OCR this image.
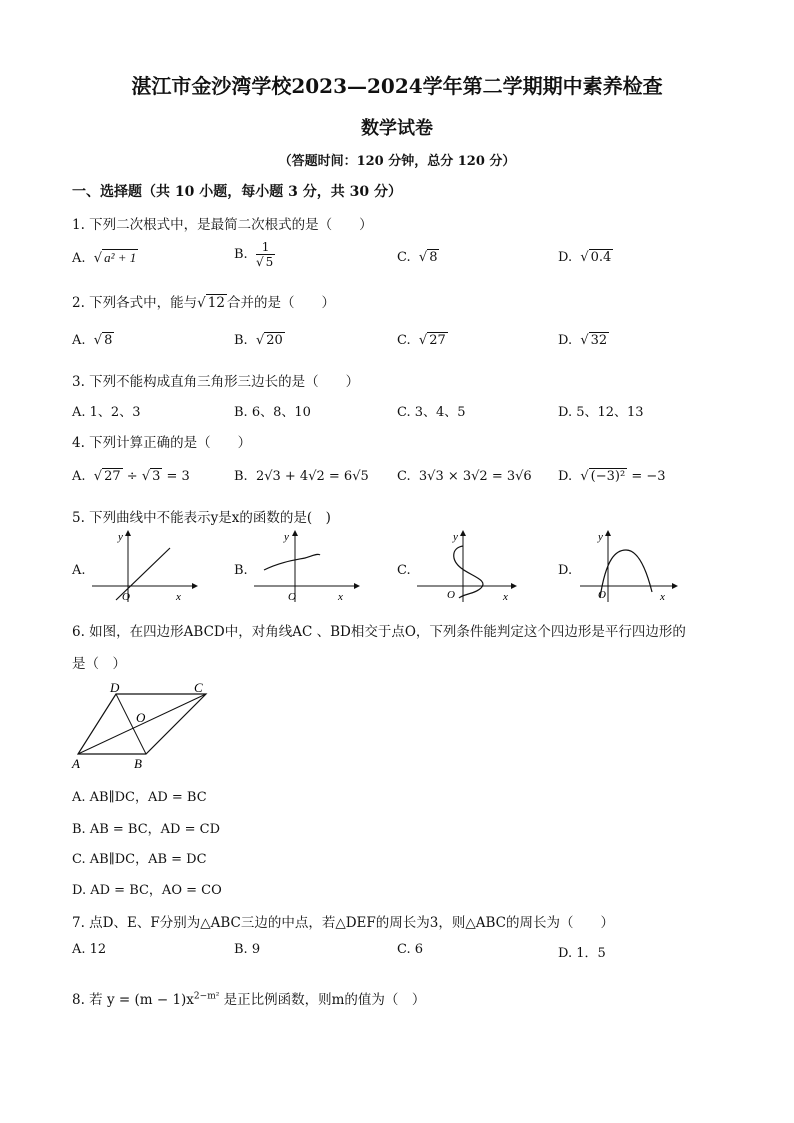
湛江市金沙湾学校2023—2024学年第二学期期中素养检查
数学试卷
（答题时间：120 分钟，总分 120 分）
一、选择题（共 10 小题，每小题 3 分，共 30 分）
1. 下列二次根式中，是最简二次根式的是（　　）
A.  √ a² + 1	B. $\frac{1}{√ 5}$	C.  √ 8	D.  √ 0.4
2. 下列各式中，能与√ 12 合并的是（　　）
A.  √ 8	B.  √ 20	C.  √ 27	D.  √ 32
3. 下列不能构成直角三角形三边长的是（　　）
A. 1、2、3	B. 6、8、10	C. 3、4、5	D. 5、12、13
4. 下列计算正确的是（　　）
A.  √ 27 ÷ √ 3 = 3	B. 2√3 + 4√2 = 6√5 C. 3√3 × 3√2 = 3√6 D.  √ (−3)² = −3
5. 下列曲线中不能表示y是x的函数的是(　)
A.	B.	C.	D.
x
y
O	x
y
O	x
y
O	x
y
O
6. 如图，在四边形ABCD中，对角线AC 、BD相交于点O，下列条件能判定这个四边形是平行四边形的
是（　）
A	B
C
D
O
A. AB∥DC，AD = BC
B. AB = BC，AD = CD
C. AB∥DC，AB = DC
D. AD = BC，AO = CO
7. 点D、E、F分别为△ABC三边的中点，若△DEF的周长为3，则△ABC的周长为（　　）
A. 12	B. 9	C. 6	D. 1．5
8. 若 $y = (m - 1)x^{2-m^2}$ 是正比例函数，则m的值为（　）
